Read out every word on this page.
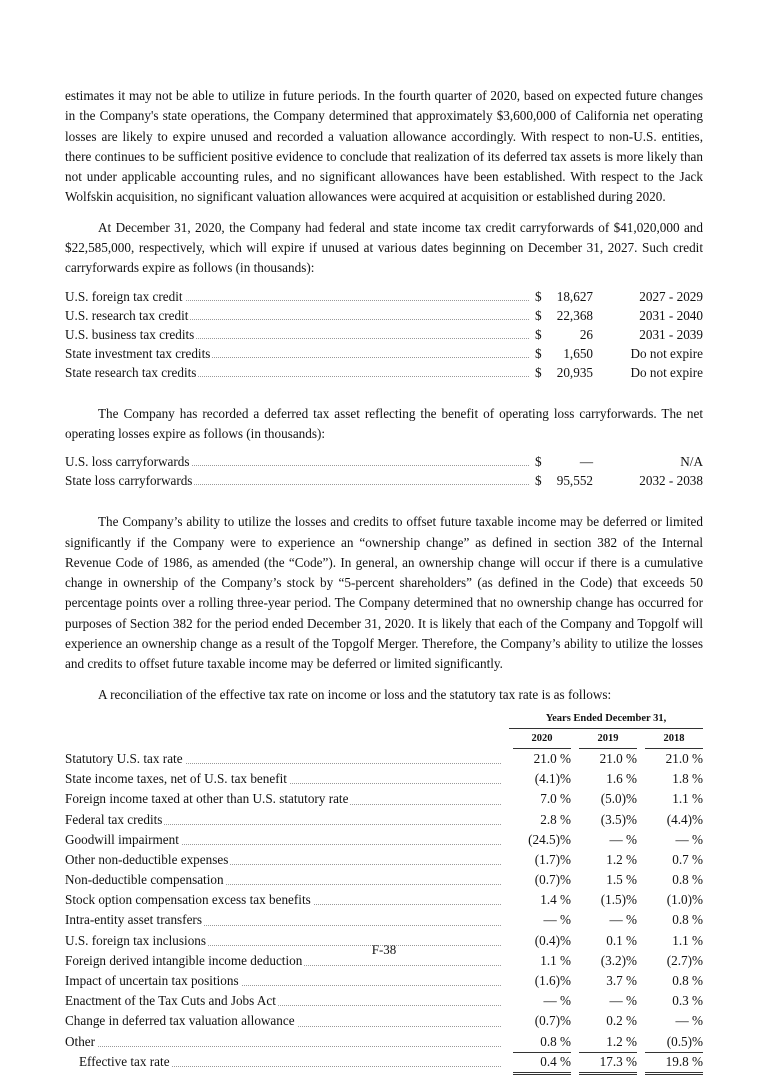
estimates it may not be able to utilize in future periods. In the fourth quarter of 2020, based on expected future changes in the Company's state operations, the Company determined that approximately $3,600,000 of California net operating losses are likely to expire unused and recorded a valuation allowance accordingly. With respect to non-U.S. entities, there continues to be sufficient positive evidence to conclude that realization of its deferred tax assets is more likely than not under applicable accounting rules, and no significant allowances have been established. With respect to the Jack Wolfskin acquisition, no significant valuation allowances were acquired at acquisition or established during 2020.

At December 31, 2020, the Company had federal and state income tax credit carryforwards of $41,020,000 and $22,585,000, respectively, which will expire if unused at various dates beginning on December 31, 2027. Such credit carryforwards expire as follows (in thousands):

U.S. foreign tax credit	$	18,627	2027 - 2029
U.S. research tax credit	$	22,368	2031 - 2040
U.S. business tax credits	$	26	2031 - 2039
State investment tax credits	$	1,650	Do not expire
State research tax credits	$	20,935	Do not expire

The Company has recorded a deferred tax asset reflecting the benefit of operating loss carryforwards. The net operating losses expire as follows (in thousands):

U.S. loss carryforwards	$	—	N/A
State loss carryforwards	$	95,552	2032 - 2038

The Company’s ability to utilize the losses and credits to offset future taxable income may be deferred or limited significantly if the Company were to experience an “ownership change” as defined in section 382 of the Internal Revenue Code of 1986, as amended (the “Code”). In general, an ownership change will occur if there is a cumulative change in ownership of the Company’s stock by “5-percent shareholders” (as defined in the Code) that exceeds 50 percentage points over a rolling three-year period. The Company determined that no ownership change has occurred for purposes of Section 382 for the period ended December 31, 2020. It is likely that each of the Company and Topgolf will experience an ownership change as a result of the Topgolf Merger. Therefore, the Company’s ability to utilize the losses and credits to offset future taxable income may be deferred or limited significantly.

A reconciliation of the effective tax rate on income or loss and the statutory tax rate is as follows:

Years Ended December 31,
2020	2019	2018
Statutory U.S. tax rate	21.0 %	21.0 %	21.0 %
State income taxes, net of U.S. tax benefit	(4.1)%	1.6 %	1.8 %
Foreign income taxed at other than U.S. statutory rate	7.0 %	(5.0)%	1.1 %
Federal tax credits	2.8 %	(3.5)%	(4.4)%
Goodwill impairment	(24.5)%	— %	— %
Other non-deductible expenses	(1.7)%	1.2 %	0.7 %
Non-deductible compensation	(0.7)%	1.5 %	0.8 %
Stock option compensation excess tax benefits	1.4 %	(1.5)%	(1.0)%
Intra-entity asset transfers	— %	— %	0.8 %
U.S. foreign tax inclusions	(0.4)%	0.1 %	1.1 %
Foreign derived intangible income deduction	1.1 %	(3.2)%	(2.7)%
Impact of uncertain tax positions	(1.6)%	3.7 %	0.8 %
Enactment of the Tax Cuts and Jobs Act	— %	— %	0.3 %
Change in deferred tax valuation allowance	(0.7)%	0.2 %	— %
Other	0.8 %	1.2 %	(0.5)%
Effective tax rate	0.4 %	17.3 %	19.8 %
F-38
